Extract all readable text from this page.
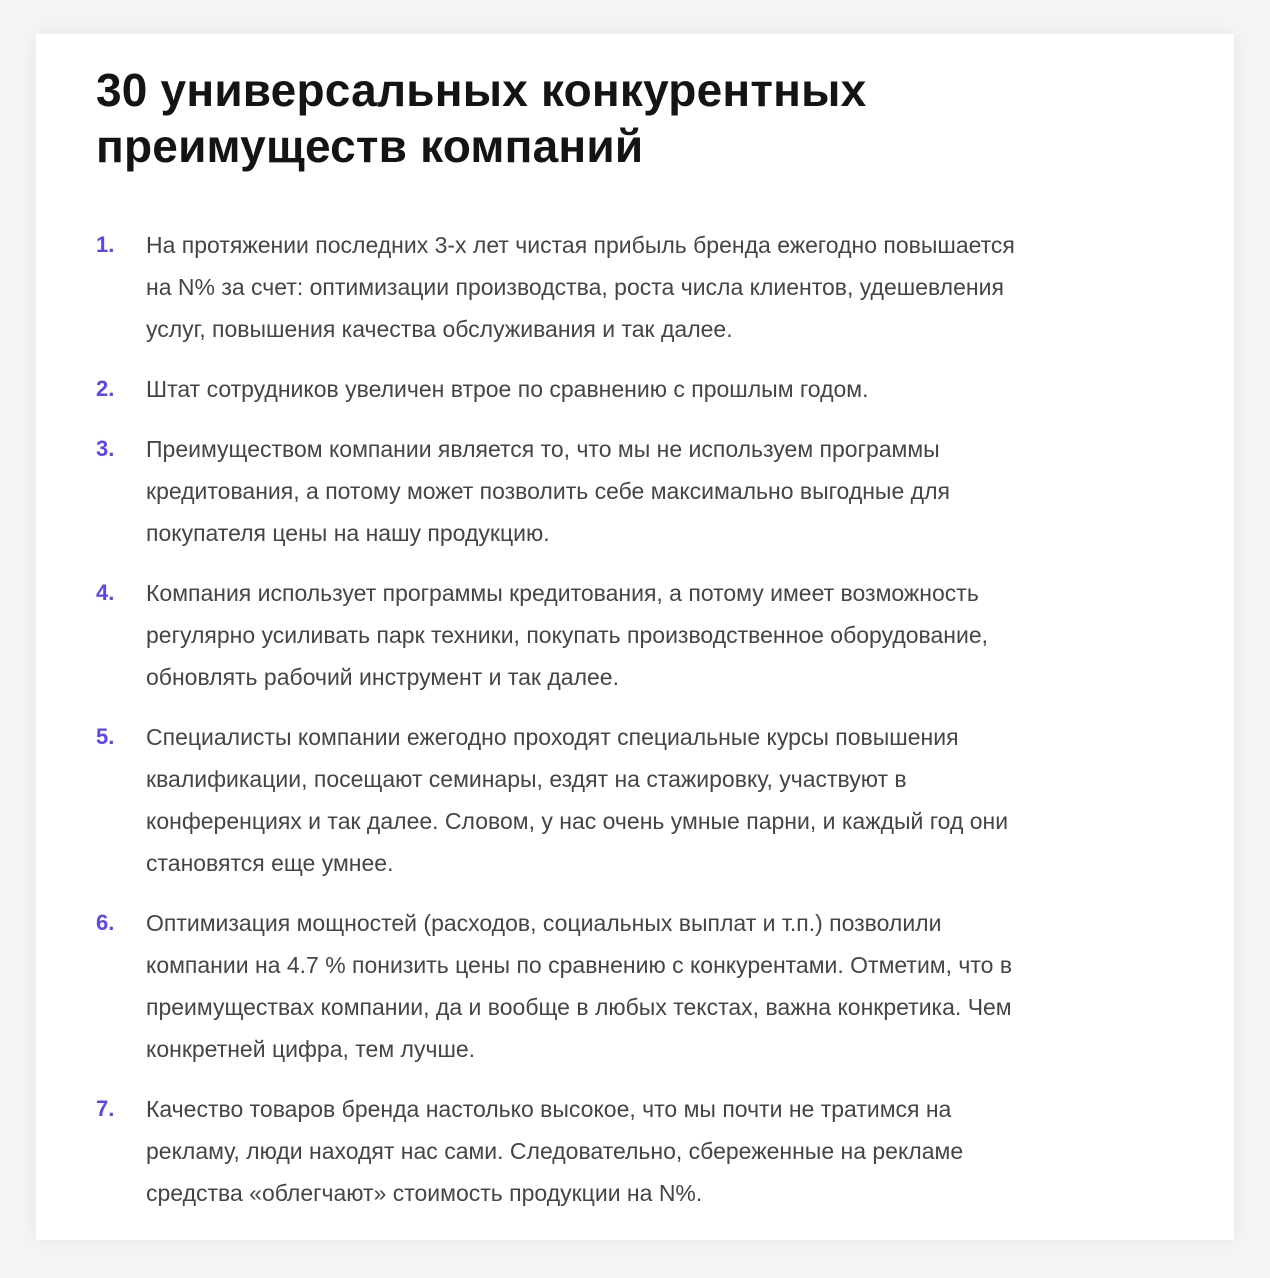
30 универсальных конкурентных
преимуществ компаний
1.	На протяжении последних 3-х лет чистая прибыль бренда ежегодно повышается
на N% за счет: оптимизации производства, роста числа клиентов, удешевления
услуг, повышения качества обслуживания и так далее.
2.	Штат сотрудников увеличен втрое по сравнению с прошлым годом.
3.	Преимуществом компании является то, что мы не используем программы
кредитования, а потому может позволить себе максимально выгодные для
покупателя цены на нашу продукцию.
4.	Компания использует программы кредитования, а потому имеет возможность
регулярно усиливать парк техники, покупать производственное оборудование,
обновлять рабочий инструмент и так далее.
5.	Специалисты компании ежегодно проходят специальные курсы повышения
квалификации, посещают семинары, ездят на стажировку, участвуют в
конференциях и так далее. Словом, у нас очень умные парни, и каждый год они
становятся еще умнее.
6.	Оптимизация мощностей (расходов, социальных выплат и т.п.) позволили
компании на 4.7 % понизить цены по сравнению с конкурентами. Отметим, что в
преимуществах компании, да и вообще в любых текстах, важна конкретика. Чем
конкретней цифра, тем лучше.
7.	Качество товаров бренда настолько высокое, что мы почти не тратимся на
рекламу, люди находят нас сами. Следовательно, сбереженные на рекламе
средства «облегчают» стоимость продукции на N%.
